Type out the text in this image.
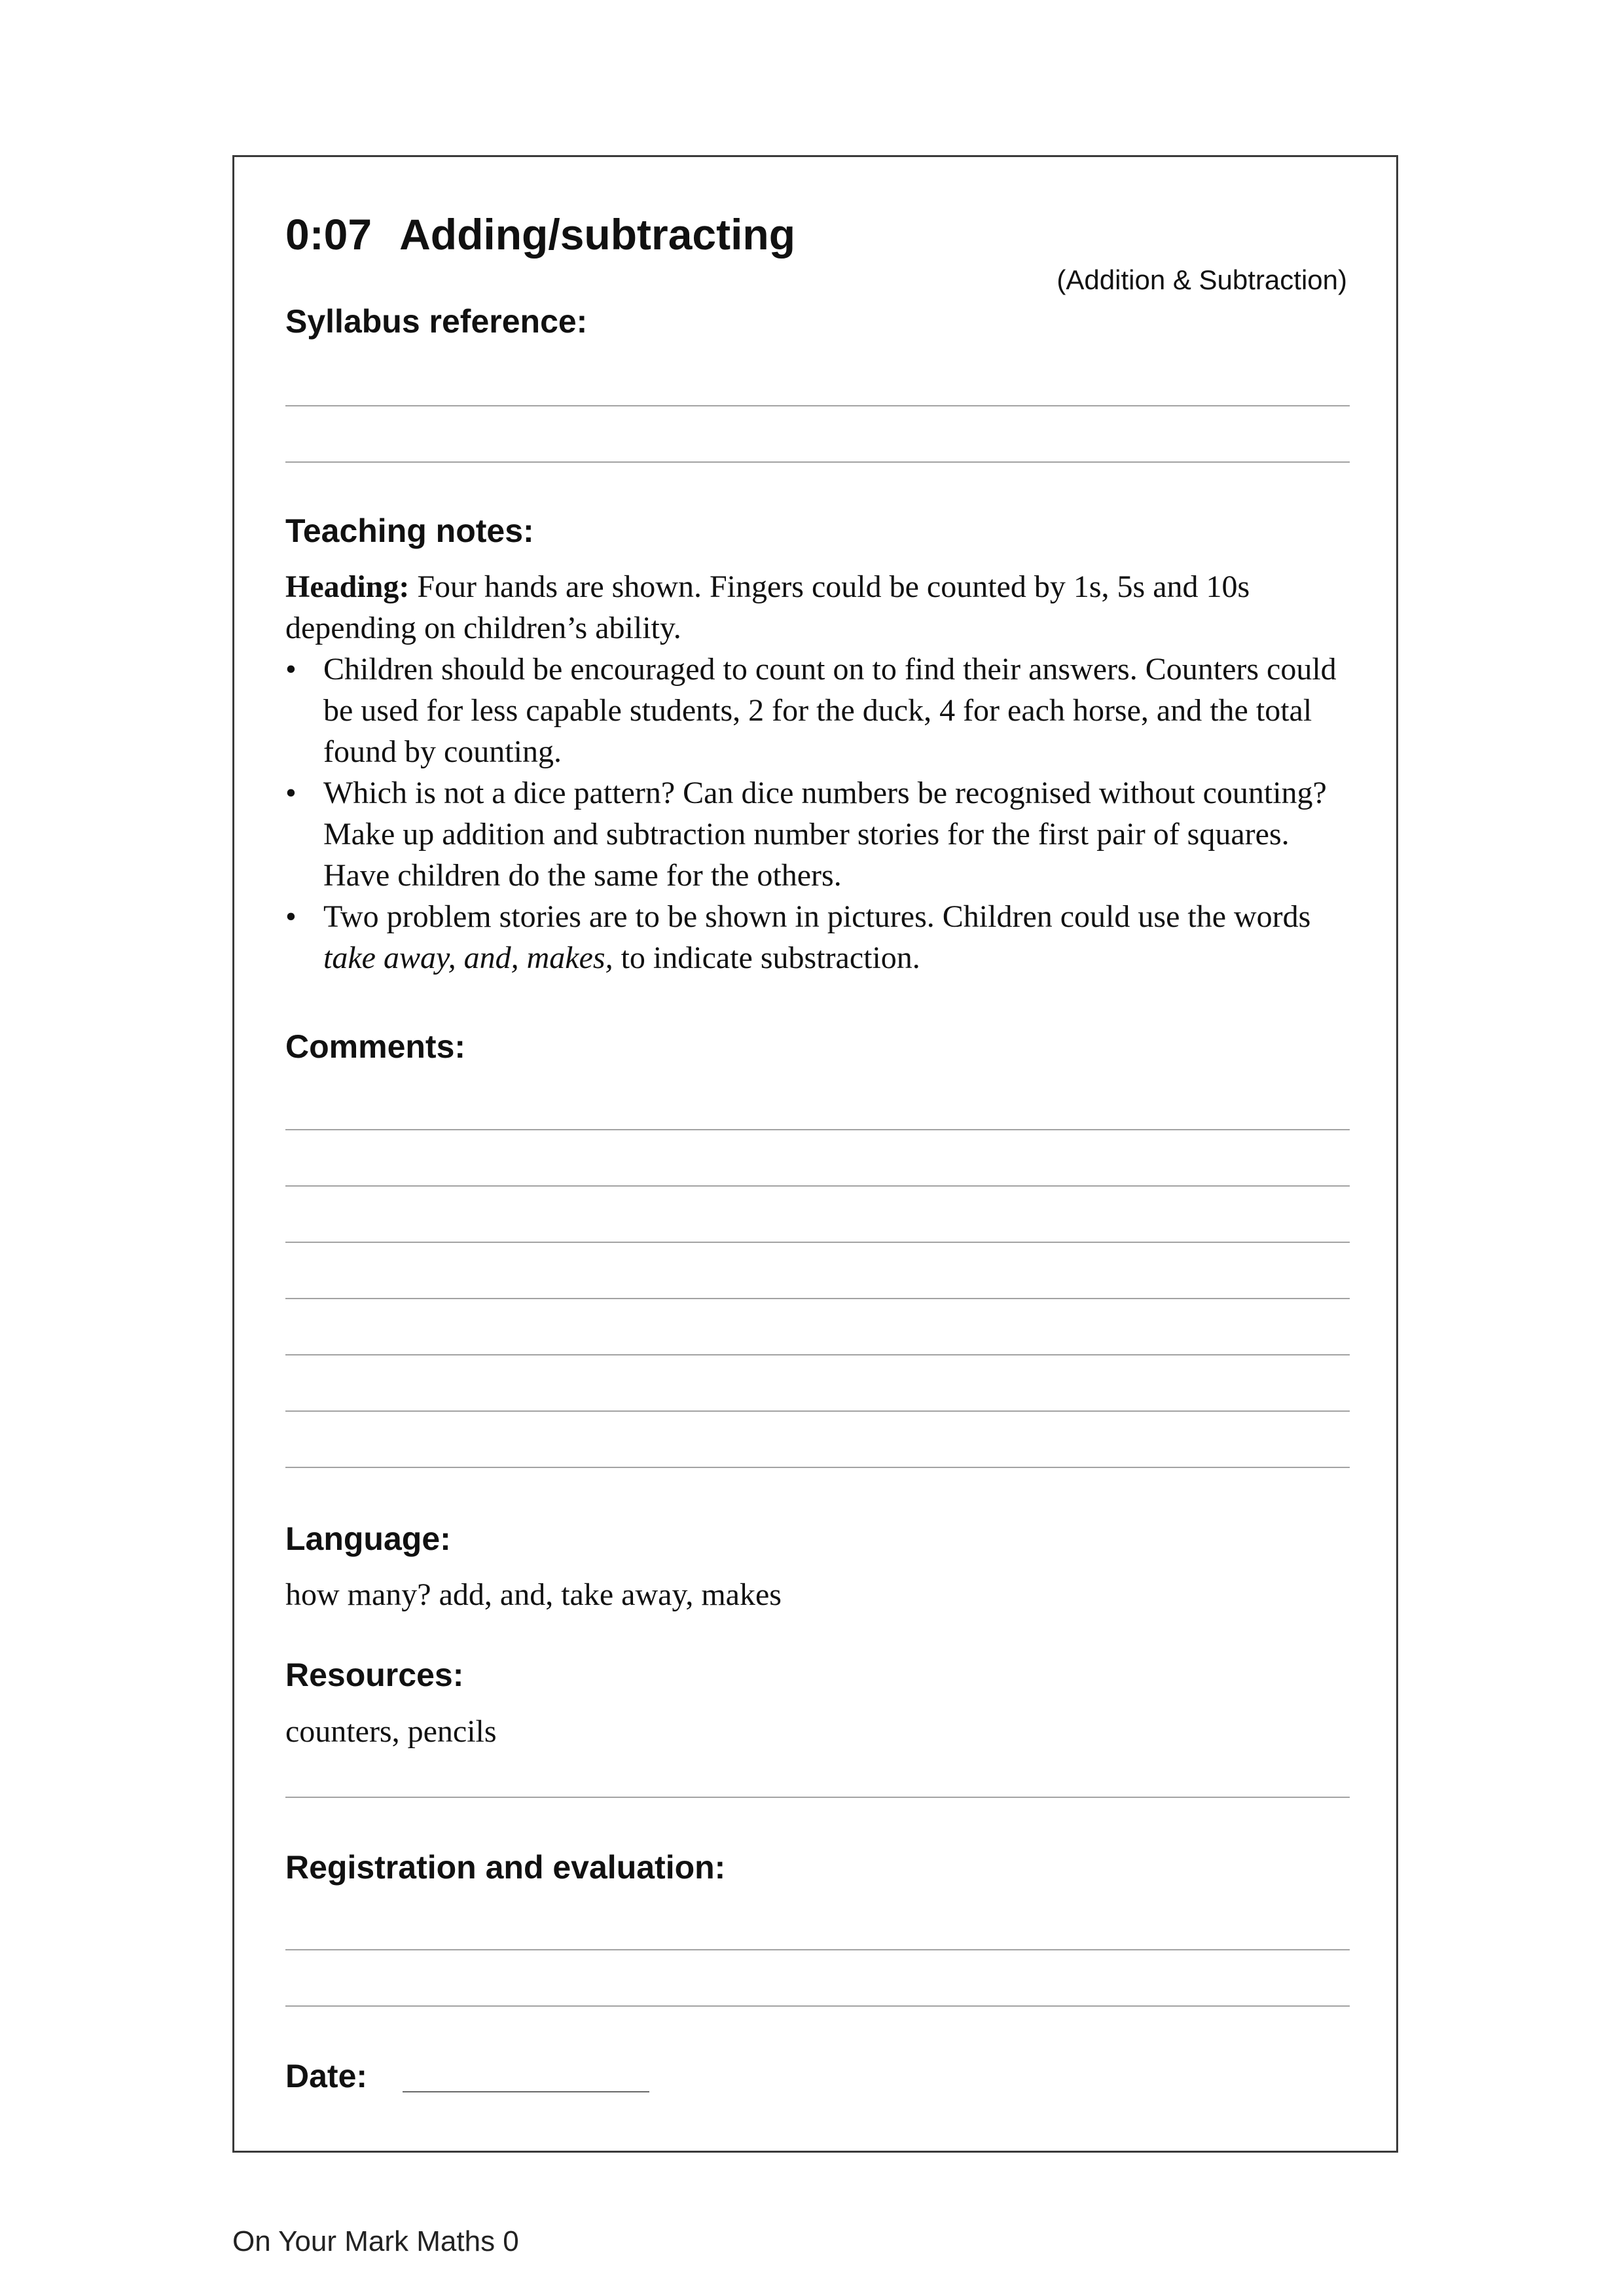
0:07 Adding/subtracting
(Addition & Subtraction)
Syllabus reference:
Teaching notes:

Heading: Four hands are shown. Fingers could be counted by 1s, 5s and 10s depending on children’s ability.

• Children should be encouraged to count on to find their answers. Counters could be used for less capable students, 2 for the duck, 4 for each horse, and the total found by counting.
• Which is not a dice pattern? Can dice numbers be recognised without counting? Make up addition and subtraction number stories for the first pair of squares. Have children do the same for the others.
• Two problem stories are to be shown in pictures. Children could use the words take away, and, makes, to indicate substraction.
Comments:
Language:
how many? add, and, take away, makes
Resources:
counters, pencils
Registration and evaluation:
Date:
On Your Mark Maths 0
